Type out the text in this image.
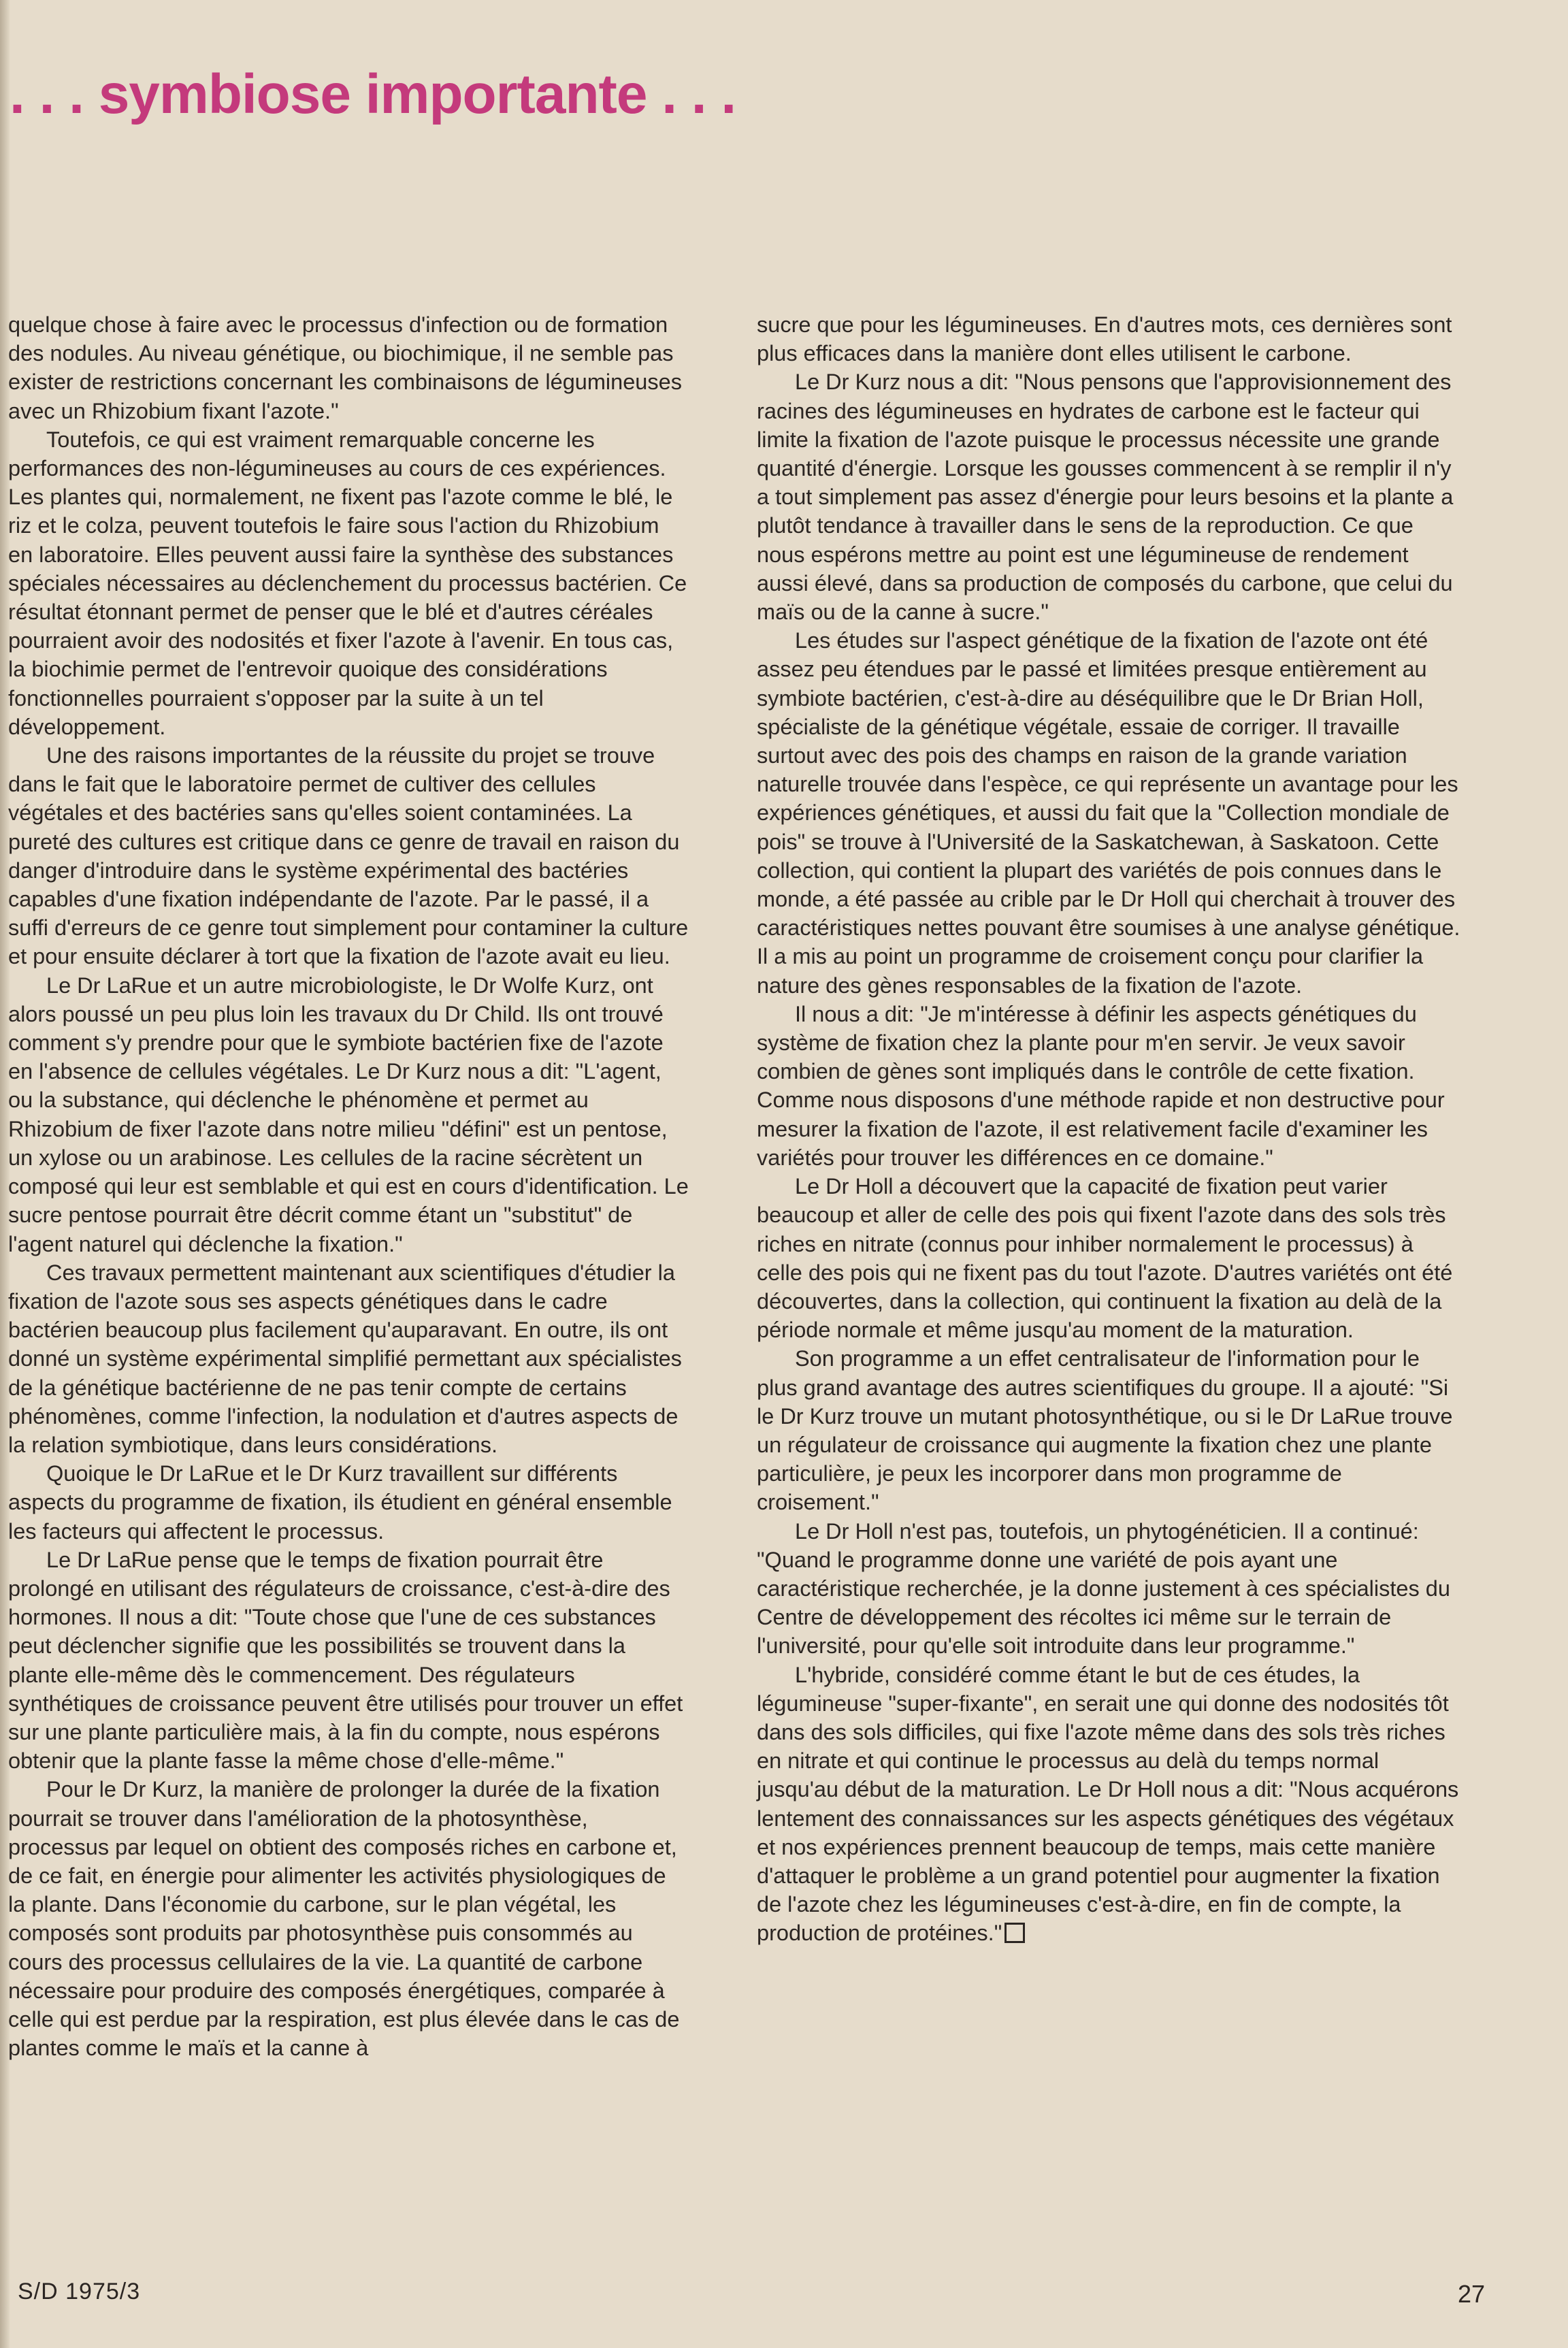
. . . symbiose importante . . .

quelque chose à faire avec le processus d'infection ou de formation des nodules. Au niveau génétique, ou biochimique, il ne semble pas exister de restrictions concernant les combinaisons de légumineuses avec un Rhizobium fixant l'azote."

Toutefois, ce qui est vraiment remarquable concerne les performances des non-légumineuses au cours de ces expériences. Les plantes qui, normalement, ne fixent pas l'azote comme le blé, le riz et le colza, peuvent toutefois le faire sous l'action du Rhizobium en laboratoire. Elles peuvent aussi faire la synthèse des substances spéciales nécessaires au déclenchement du processus bactérien. Ce résultat étonnant permet de penser que le blé et d'autres céréales pourraient avoir des nodosités et fixer l'azote à l'avenir. En tous cas, la biochimie permet de l'entrevoir quoique des considérations fonctionnelles pourraient s'opposer par la suite à un tel développement.

Une des raisons importantes de la réussite du projet se trouve dans le fait que le laboratoire permet de cultiver des cellules végétales et des bactéries sans qu'elles soient contaminées. La pureté des cultures est critique dans ce genre de travail en raison du danger d'introduire dans le système expérimental des bactéries capables d'une fixation indépendante de l'azote. Par le passé, il a suffi d'erreurs de ce genre tout simplement pour contaminer la culture et pour ensuite déclarer à tort que la fixation de l'azote avait eu lieu.

Le Dr LaRue et un autre microbiologiste, le Dr Wolfe Kurz, ont alors poussé un peu plus loin les travaux du Dr Child. Ils ont trouvé comment s'y prendre pour que le symbiote bactérien fixe de l'azote en l'absence de cellules végétales. Le Dr Kurz nous a dit: "L'agent, ou la substance, qui déclenche le phénomène et permet au Rhizobium de fixer l'azote dans notre milieu "défini" est un pentose, un xylose ou un arabinose. Les cellules de la racine sécrètent un composé qui leur est semblable et qui est en cours d'identification. Le sucre pentose pourrait être décrit comme étant un "substitut" de l'agent naturel qui déclenche la fixation."

Ces travaux permettent maintenant aux scientifiques d'étudier la fixation de l'azote sous ses aspects génétiques dans le cadre bactérien beaucoup plus facilement qu'auparavant. En outre, ils ont donné un système expérimental simplifié permettant aux spécialistes de la génétique bactérienne de ne pas tenir compte de certains phénomènes, comme l'infection, la nodulation et d'autres aspects de la relation symbiotique, dans leurs considérations.

Quoique le Dr LaRue et le Dr Kurz travaillent sur différents aspects du programme de fixation, ils étudient en général ensemble les facteurs qui affectent le processus.

Le Dr LaRue pense que le temps de fixation pourrait être prolongé en utilisant des régulateurs de croissance, c'est-à-dire des hormones. Il nous a dit: "Toute chose que l'une de ces substances peut déclencher signifie que les possibilités se trouvent dans la plante elle-même dès le commencement. Des régulateurs synthétiques de croissance peuvent être utilisés pour trouver un effet sur une plante particulière mais, à la fin du compte, nous espérons obtenir que la plante fasse la même chose d'elle-même."

Pour le Dr Kurz, la manière de prolonger la durée de la fixation pourrait se trouver dans l'amélioration de la photosynthèse, processus par lequel on obtient des composés riches en carbone et, de ce fait, en énergie pour alimenter les activités physiologiques de la plante. Dans l'économie du carbone, sur le plan végétal, les composés sont produits par photosynthèse puis consommés au cours des processus cellulaires de la vie. La quantité de carbone nécessaire pour produire des composés énergétiques, comparée à celle qui est perdue par la respiration, est plus élevée dans le cas de plantes comme le maïs et la canne à

sucre que pour les légumineuses. En d'autres mots, ces dernières sont plus efficaces dans la manière dont elles utilisent le carbone.

Le Dr Kurz nous a dit: "Nous pensons que l'approvisionnement des racines des légumineuses en hydrates de carbone est le facteur qui limite la fixation de l'azote puisque le processus nécessite une grande quantité d'énergie. Lorsque les gousses commencent à se remplir il n'y a tout simplement pas assez d'énergie pour leurs besoins et la plante a plutôt tendance à travailler dans le sens de la reproduction. Ce que nous espérons mettre au point est une légumineuse de rendement aussi élevé, dans sa production de composés du carbone, que celui du maïs ou de la canne à sucre."

Les études sur l'aspect génétique de la fixation de l'azote ont été assez peu étendues par le passé et limitées presque entièrement au symbiote bactérien, c'est-à-dire au déséquilibre que le Dr Brian Holl, spécialiste de la génétique végétale, essaie de corriger. Il travaille surtout avec des pois des champs en raison de la grande variation naturelle trouvée dans l'espèce, ce qui représente un avantage pour les expériences génétiques, et aussi du fait que la "Collection mondiale de pois" se trouve à l'Université de la Saskatchewan, à Saskatoon. Cette collection, qui contient la plupart des variétés de pois connues dans le monde, a été passée au crible par le Dr Holl qui cherchait à trouver des caractéristiques nettes pouvant être soumises à une analyse génétique. Il a mis au point un programme de croisement conçu pour clarifier la nature des gènes responsables de la fixation de l'azote.

Il nous a dit: "Je m'intéresse à définir les aspects génétiques du système de fixation chez la plante pour m'en servir. Je veux savoir combien de gènes sont impliqués dans le contrôle de cette fixation. Comme nous disposons d'une méthode rapide et non destructive pour mesurer la fixation de l'azote, il est relativement facile d'examiner les variétés pour trouver les différences en ce domaine."

Le Dr Holl a découvert que la capacité de fixation peut varier beaucoup et aller de celle des pois qui fixent l'azote dans des sols très riches en nitrate (connus pour inhiber normalement le processus) à celle des pois qui ne fixent pas du tout l'azote. D'autres variétés ont été découvertes, dans la collection, qui continuent la fixation au delà de la période normale et même jusqu'au moment de la maturation.

Son programme a un effet centralisateur de l'information pour le plus grand avantage des autres scientifiques du groupe. Il a ajouté: "Si le Dr Kurz trouve un mutant photosynthétique, ou si le Dr LaRue trouve un régulateur de croissance qui augmente la fixation chez une plante particulière, je peux les incorporer dans mon programme de croisement."

Le Dr Holl n'est pas, toutefois, un phytogénéticien. Il a continué: "Quand le programme donne une variété de pois ayant une caractéristique recherchée, je la donne justement à ces spécialistes du Centre de développement des récoltes ici même sur le terrain de l'université, pour qu'elle soit introduite dans leur programme."

L'hybride, considéré comme étant le but de ces études, la légumineuse "super-fixante", en serait une qui donne des nodosités tôt dans des sols difficiles, qui fixe l'azote même dans des sols très riches en nitrate et qui continue le processus au delà du temps normal jusqu'au début de la maturation. Le Dr Holl nous a dit: "Nous acquérons lentement des connaissances sur les aspects génétiques des végétaux et nos expériences prennent beaucoup de temps, mais cette manière d'attaquer le problème a un grand potentiel pour augmenter la fixation de l'azote chez les légumineuses c'est-à-dire, en fin de compte, la production de protéines."

S/D 1975/3	27
